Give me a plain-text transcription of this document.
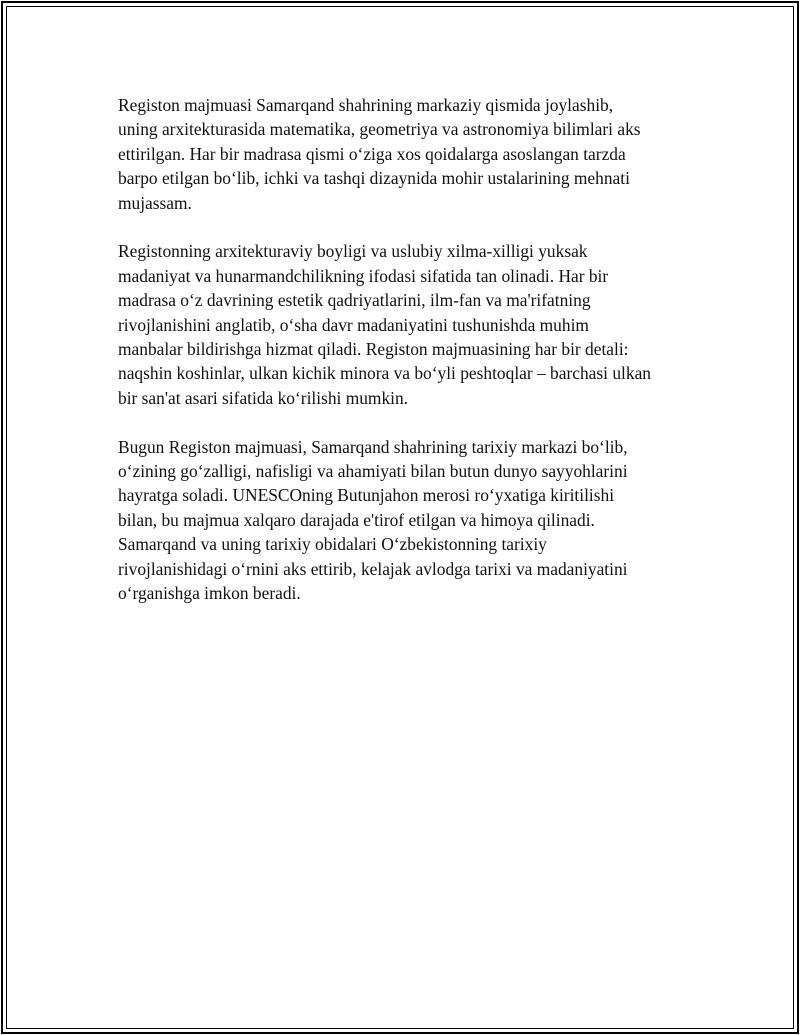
Registon majmuasi Samarqand shahrining markaziy qismida joylashib,
uning arxitekturasida matematika, geometriya va astronomiya bilimlari aks
ettirilgan. Har bir madrasa qismi o‘ziga xos qoidalarga asoslangan tarzda
barpo etilgan bo‘lib, ichki va tashqi dizaynida mohir ustalarining mehnati
mujassam.

Registonning arxitekturaviy boyligi va uslubiy xilma-xilligi yuksak
madaniyat va hunarmandchilikning ifodasi sifatida tan olinadi. Har bir
madrasa o‘z davrining estetik qadriyatlarini, ilm-fan va ma'rifatning
rivojlanishini anglatib, o‘sha davr madaniyatini tushunishda muhim
manbalar bildirishga hizmat qiladi. Registon majmuasining har bir detali:
naqshin koshinlar, ulkan kichik minora va bo‘yli peshtoqlar – barchasi ulkan
bir san'at asari sifatida ko‘rilishi mumkin.

Bugun Registon majmuasi, Samarqand shahrining tarixiy markazi bo‘lib,
o‘zining go‘zalligi, nafisligi va ahamiyati bilan butun dunyo sayyohlarini
hayratga soladi. UNESCOning Butunjahon merosi ro‘yxatiga kiritilishi
bilan, bu majmua xalqaro darajada e'tirof etilgan va himoya qilinadi.
Samarqand va uning tarixiy obidalari O‘zbekistonning tarixiy
rivojlanishidagi o‘rnini aks ettirib, kelajak avlodga tarixi va madaniyatini
o‘rganishga imkon beradi.
